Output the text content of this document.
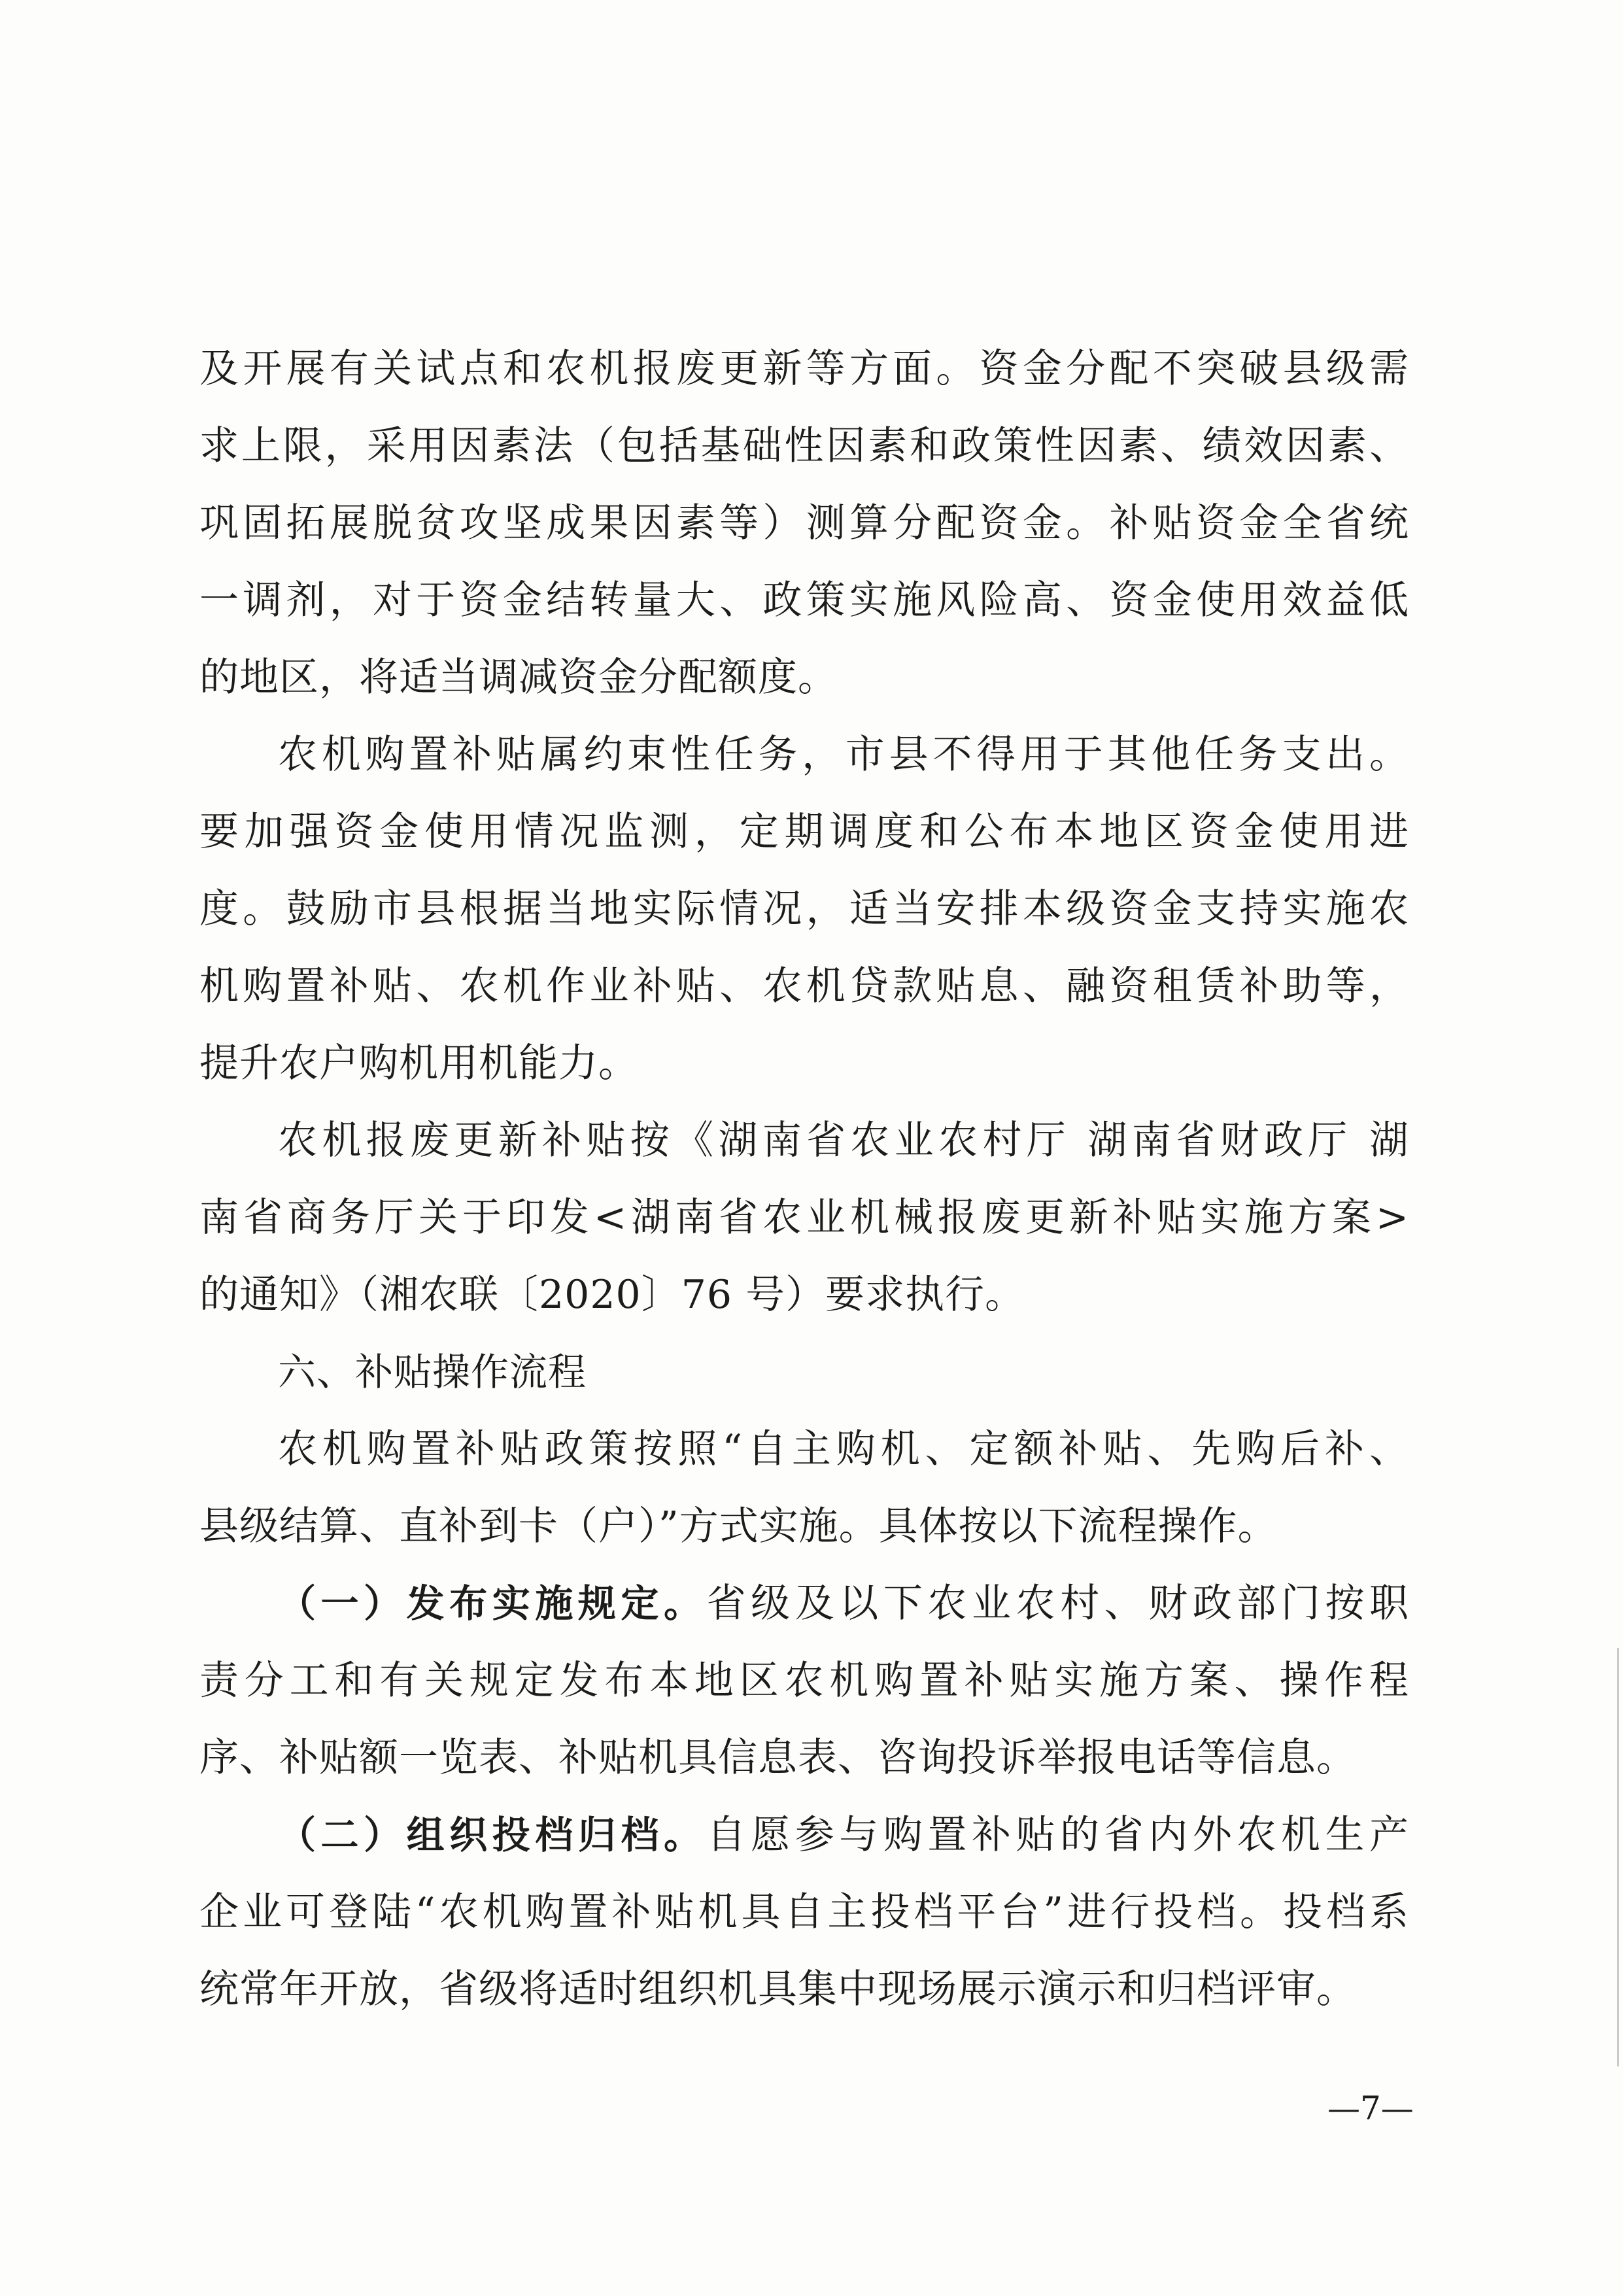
及开展有关试点和农机报废更新等方面。资金分配不突破县级需
求上限，采用因素法（包括基础性因素和政策性因素、绩效因素、
巩固拓展脱贫攻坚成果因素等）测算分配资金。补贴资金全省统
一调剂，对于资金结转量大、政策实施风险高、资金使用效益低
的地区，将适当调减资金分配额度。
农机购置补贴属约束性任务，市县不得用于其他任务支出。
要加强资金使用情况监测，定期调度和公布本地区资金使用进
度。鼓励市县根据当地实际情况，适当安排本级资金支持实施农
机购置补贴、农机作业补贴、农机贷款贴息、融资租赁补助等，
提升农户购机用机能力。
农机报废更新补贴按《湖南省农业农村厅 湖南省财政厅 湖
南省商务厅关于印发<湖南省农业机械报废更新补贴实施方案>
的通知》（湘农联〔2020〕76 号）要求执行。
六、补贴操作流程
农机购置补贴政策按照“自主购机、定额补贴、先购后补、
县级结算、直补到卡（户）”方式实施。具体按以下流程操作。
（一）发布实施规定。省级及以下农业农村、财政部门按职
责分工和有关规定发布本地区农机购置补贴实施方案、操作程
序、补贴额一览表、补贴机具信息表、咨询投诉举报电话等信息。
（二）组织投档归档。自愿参与购置补贴的省内外农机生产
企业可登陆“农机购置补贴机具自主投档平台”进行投档。投档系
统常年开放，省级将适时组织机具集中现场展示演示和归档评审。
—7—
